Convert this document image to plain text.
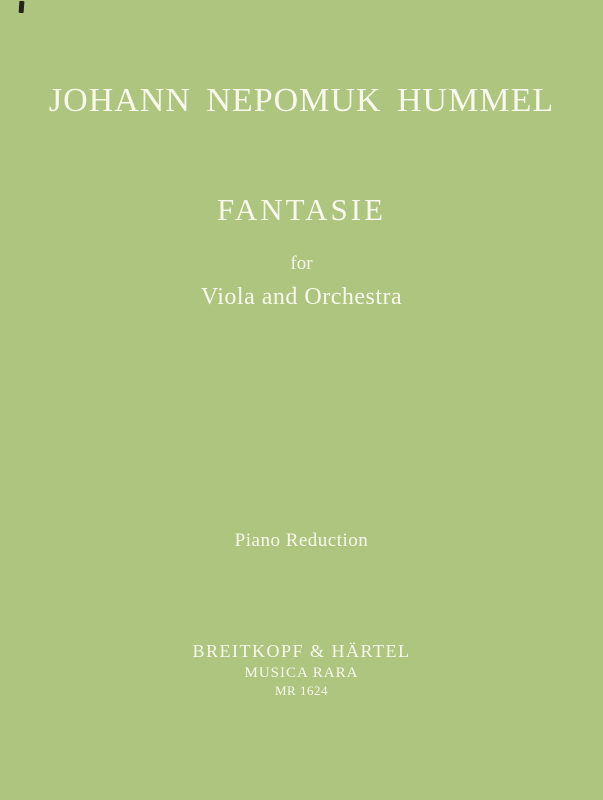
JOHANN NEPOMUK HUMMEL
FANTASIE
for
Viola and Orchestra
Piano Reduction
BREITKOPF & HÄRTEL
MUSICA RARA
MR 1624
